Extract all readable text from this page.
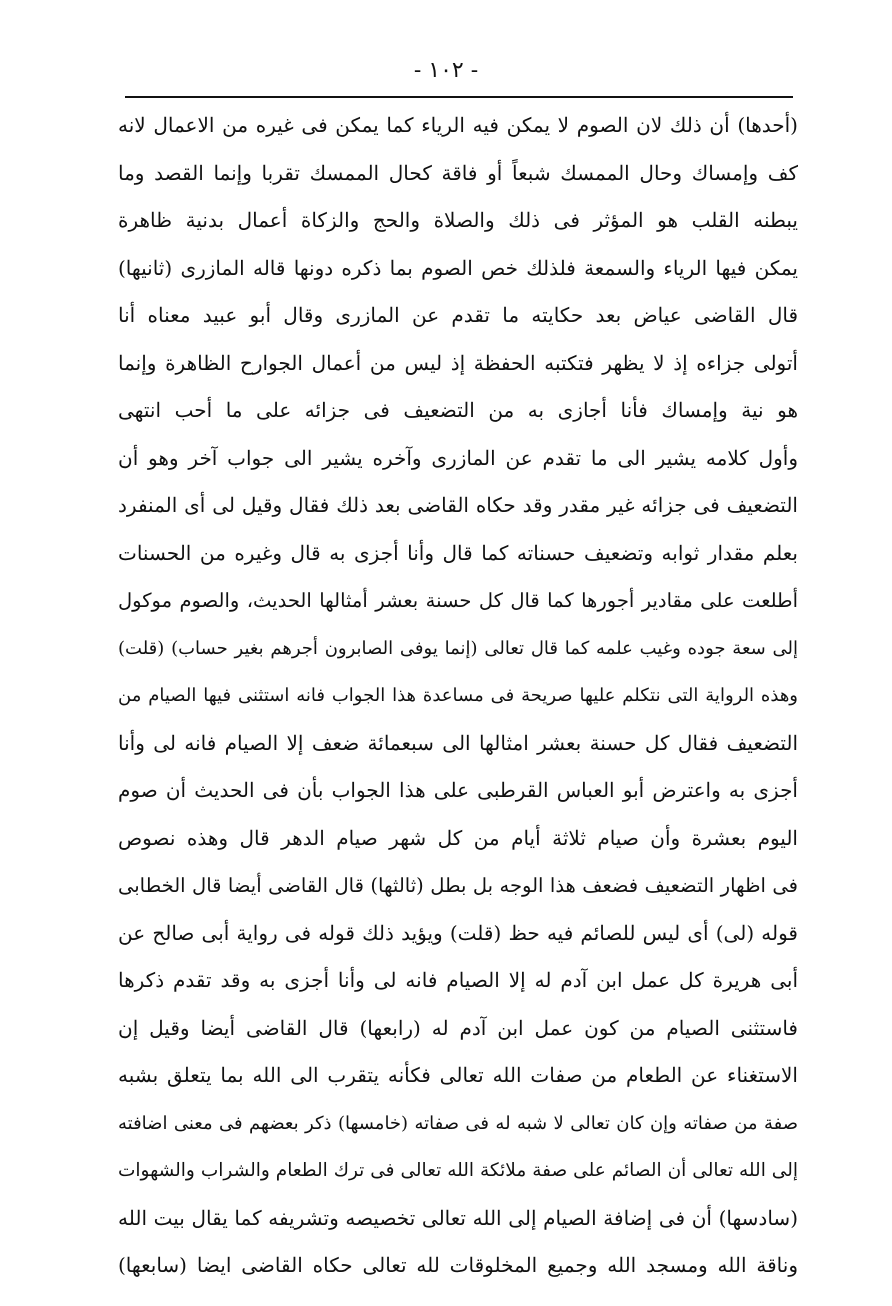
- ١٠٢ -
(أحدها) أن ذلك لان الصوم لا يمكن فيه الرياء كما يمكن فى غيره من الاعمال لانه
كف وإمساك وحال الممسك شبعاً أو فاقة كحال الممسك تقربا وإنما القصد وما
يبطنه القلب هو المؤثر فى ذلك والصلاة والحج والزكاة أعمال بدنية ظاهرة
يمكن فيها الرياء والسمعة فلذلك خص الصوم بما ذكره دونها قاله المازرى (ثانيها)
قال القاضى عياض بعد حكايته ما تقدم عن المازرى وقال أبو عبيد معناه أنا
أتولى جزاءه إذ لا يظهر فتكتبه الحفظة إذ ليس من أعمال الجوارح الظاهرة وإنما
هو نية وإمساك فأنا أجازى به من التضعيف فى جزائه على ما أحب انتهى
وأول كلامه يشير الى ما تقدم عن المازرى وآخره يشير الى جواب آخر وهو أن
التضعيف فى جزائه غير مقدر وقد حكاه القاضى بعد ذلك فقال وقيل لى أى المنفرد
بعلم مقدار ثوابه وتضعيف حسناته كما قال وأنا أجزى به قال وغيره من الحسنات
أطلعت على مقادير أجورها كما قال كل حسنة بعشر أمثالها الحديث، والصوم موكول
إلى سعة جوده وغيب علمه كما قال تعالى (إنما يوفى الصابرون أجرهم بغير حساب) (قلت)
وهذه الرواية التى نتكلم عليها صريحة فى مساعدة هذا الجواب فانه استثنى فيها الصيام من
التضعيف فقال كل حسنة بعشر امثالها الى سبعمائة ضعف إلا الصيام فانه لى وأنا
أجزى به واعترض أبو العباس القرطبى على هذا الجواب بأن فى الحديث أن صوم
اليوم بعشرة وأن صيام ثلاثة أيام من كل شهر صيام الدهر قال وهذه نصوص
فى اظهار التضعيف فضعف هذا الوجه بل بطل (ثالثها) قال القاضى أيضا قال الخطابى
قوله (لى) أى ليس للصائم فيه حظ (قلت) ويؤيد ذلك قوله فى رواية أبى صالح عن
أبى هريرة كل عمل ابن آدم له إلا الصيام فانه لى وأنا أجزى به وقد تقدم ذكرها
فاستثنى الصيام من كون عمل ابن آدم له (رابعها) قال القاضى أيضا وقيل إن
الاستغناء عن الطعام من صفات الله تعالى فكأنه يتقرب الى الله بما يتعلق بشبه
صفة من صفاته وإن كان تعالى لا شبه له فى صفاته (خامسها) ذكر بعضهم فى معنى اضافته
إلى الله تعالى أن الصائم على صفة ملائكة الله تعالى فى ترك الطعام والشراب والشهوات
(سادسها) أن فى إضافة الصيام إلى الله تعالى تخصيصه وتشريفه كما يقال بيت الله
وناقة الله ومسجد الله وجميع المخلوقات لله تعالى حكاه القاضى ايضا (سابعها)
